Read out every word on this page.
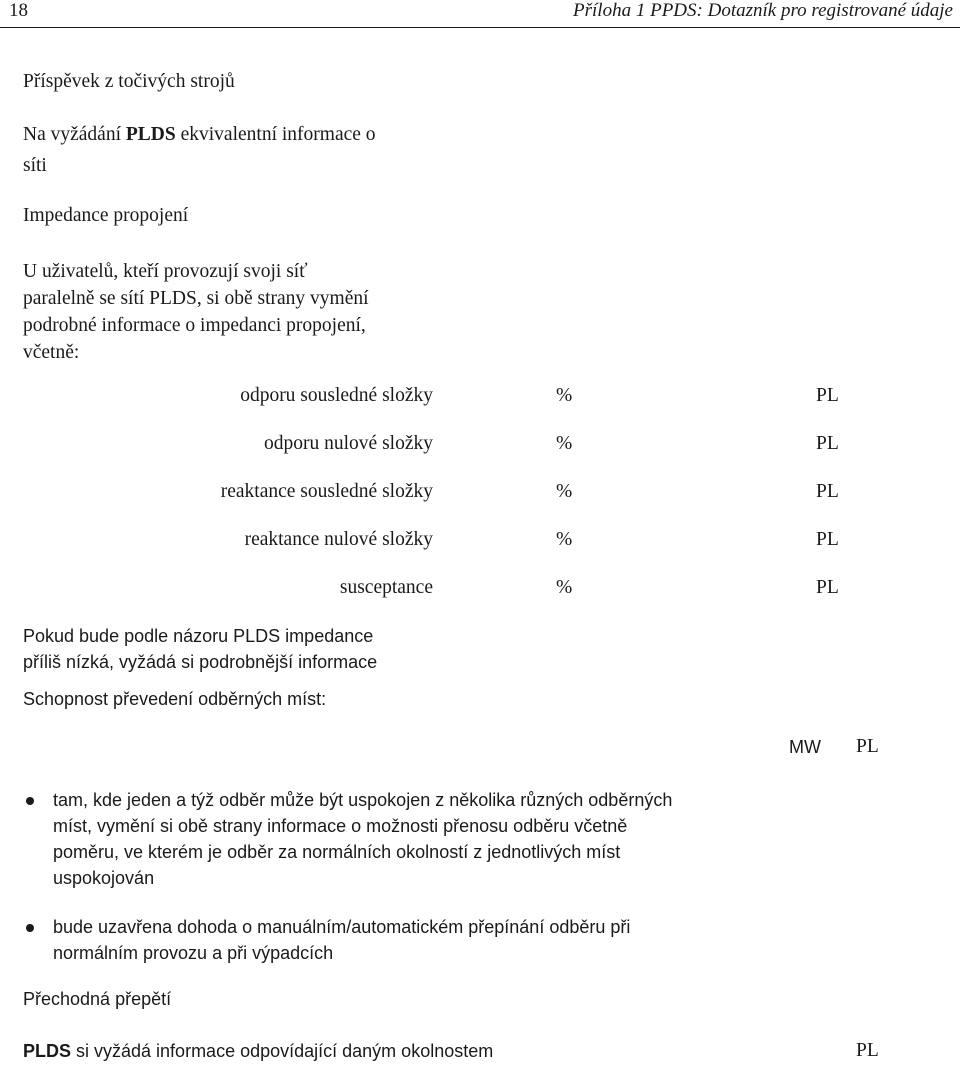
18	Příloha 1 PPDS: Dotazník pro registrované údaje
Příspěvek z točivých strojů
Na vyžádání PLDS ekvivalentní informace o
síti
Impedance propojení
U uživatelů, kteří provozují svoji síť
paralelně se sítí PLDS, si obě strany vymění
podrobné informace o impedanci propojení,
včetně:
odporu sousledné složky	%	PL
odporu nulové složky	%	PL
reaktance sousledné složky	%	PL
reaktance nulové složky	%	PL
susceptance	%	PL
Pokud bude podle názoru PLDS impedance
příliš nízká, vyžádá si podrobnější informace
Schopnost převedení odběrných míst:
MW PL
tam, kde jeden a týž odběr může být uspokojen z několika různých odběrných
míst, vymění si obě strany informace o možnosti přenosu odběru včetně
poměru, ve kterém je odběr za normálních okolností z jednotlivých míst
uspokojován
bude uzavřena dohoda o manuálním/automatickém přepínání odběru při
normálním provozu a při výpadcích
Přechodná přepětí
PLDS si vyžádá informace odpovídající daným okolnostem	PL
